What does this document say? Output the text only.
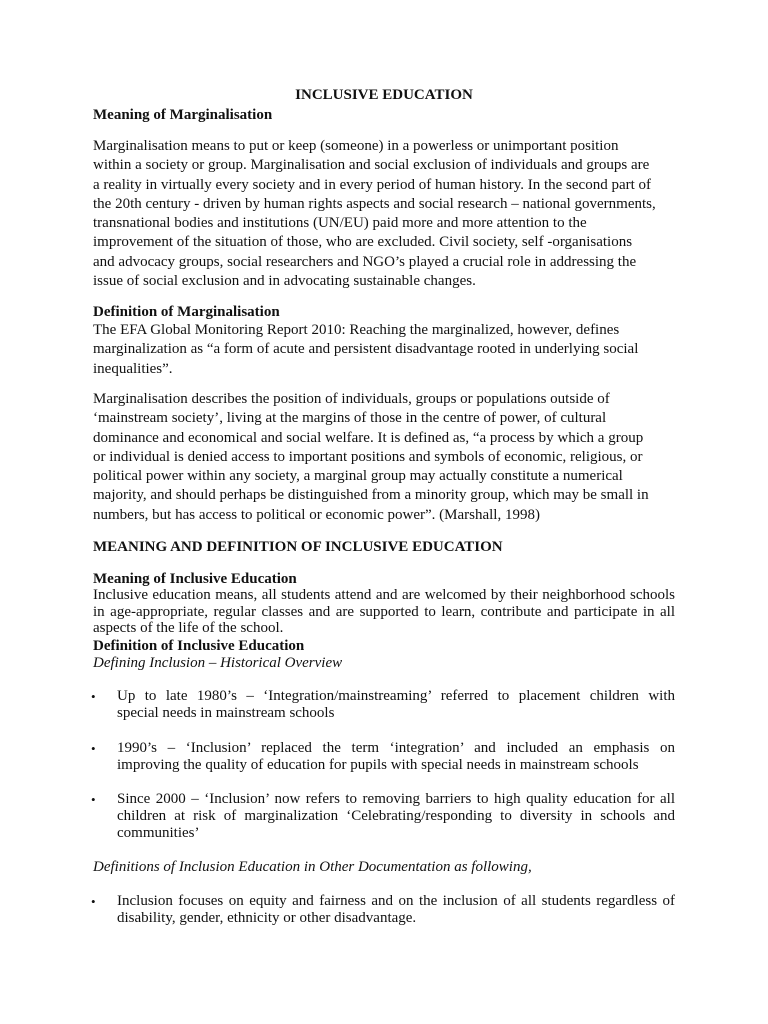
INCLUSIVE EDUCATION
Meaning of Marginalisation
Marginalisation means to put or keep (someone) in a powerless or unimportant position
within a society or group. Marginalisation and social exclusion of individuals and groups are
a reality in virtually every society and in every period of human history. In the second part of
the 20th century - driven by human rights aspects and social research – national governments,
transnational bodies and institutions (UN/EU) paid more and more attention to the
improvement of the situation of those, who are excluded. Civil society, self -organisations
and advocacy groups, social researchers and NGO’s played a crucial role in addressing the
issue of social exclusion and in advocating sustainable changes.
Definition of Marginalisation
The EFA Global Monitoring Report 2010: Reaching the marginalized, however, defines
marginalization as “a form of acute and persistent disadvantage rooted in underlying social
inequalities”.
Marginalisation describes the position of individuals, groups or populations outside of
‘mainstream society’, living at the margins of those in the centre of power, of cultural
dominance and economical and social welfare. It is defined as, “a process by which a group
or individual is denied access to important positions and symbols of economic, religious, or
political power within any society, a marginal group may actually constitute a numerical
majority, and should perhaps be distinguished from a minority group, which may be small in
numbers, but has access to political or economic power”. (Marshall, 1998)
MEANING AND DEFINITION OF INCLUSIVE EDUCATION
Meaning of Inclusive Education
Inclusive education means, all students attend and are welcomed by their neighborhood schools in age-appropriate, regular classes and are supported to learn, contribute and participate in all aspects of the life of the school.
Definition of Inclusive Education
Defining Inclusion – Historical Overview
• Up to late 1980’s – ‘Integration/mainstreaming’ referred to placement children with
special needs in mainstream schools
• 1990’s – ‘Inclusion’ replaced the term ‘integration’ and included an emphasis on
improving the quality of education for pupils with special needs in mainstream schools
• Since 2000 – ‘Inclusion’ now refers to removing barriers to high quality education for all
children at risk of marginalization ‘Celebrating/responding to diversity in schools and
communities’
Definitions of Inclusion Education in Other Documentation as following,
• Inclusion focuses on equity and fairness and on the inclusion of all students regardless of
disability, gender, ethnicity or other disadvantage.
